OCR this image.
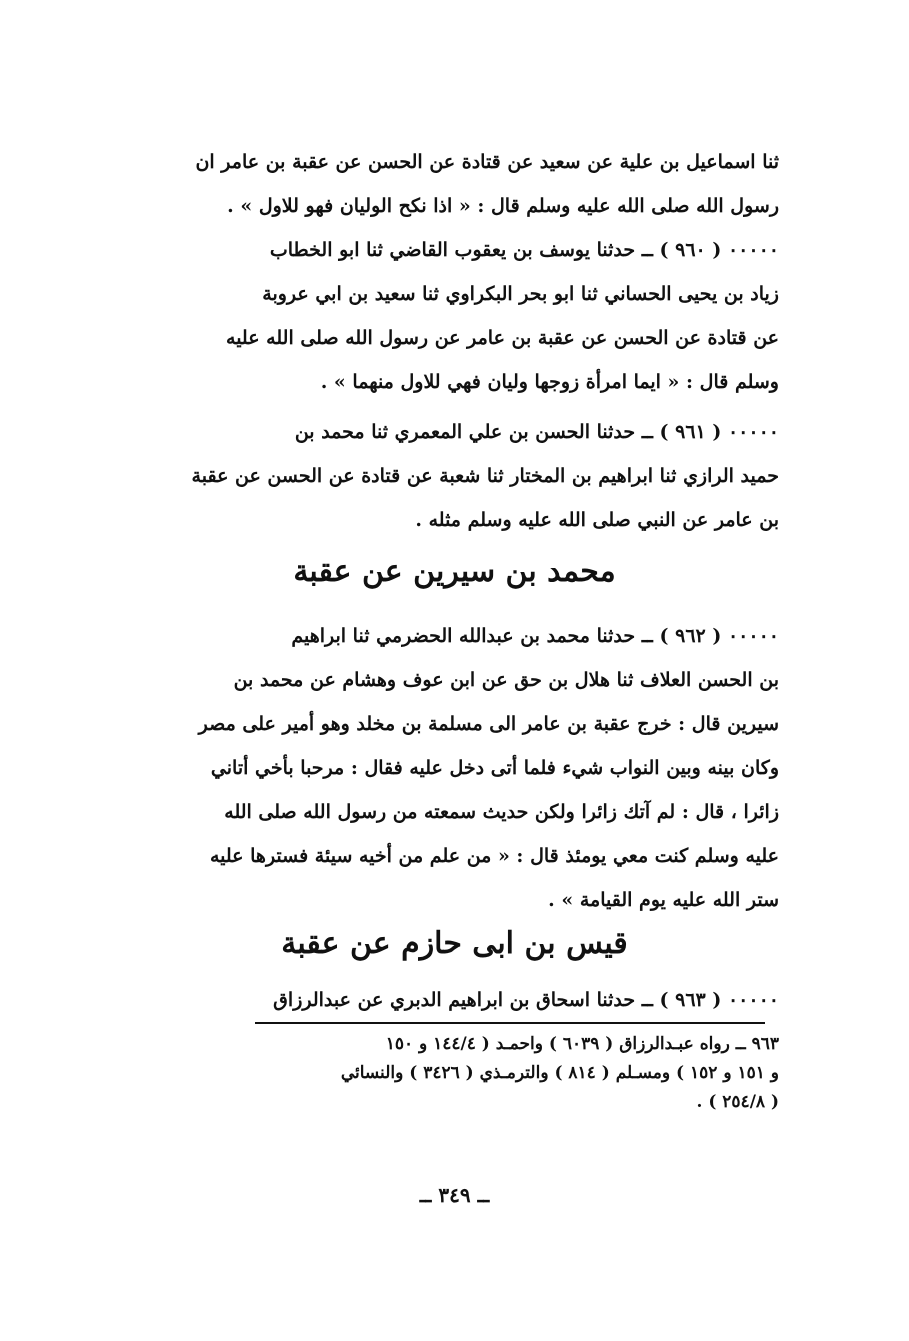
ثنا اسماعيل بن علية عن سعيد عن قتادة عن الحسن عن عقبة بن عامر ان
رسول الله صلى الله عليه وسلم قال : « اذا نكح الوليان فهو للاول » .
٠٠٠٠٠ ( ٩٦٠ ) ــ حدثنا يوسف بن يعقوب القاضي ثنا ابو الخطاب
زياد بن يحيى الحساني ثنا ابو بحر البكراوي ثنا سعيد بن ابي عروبة
عن قتادة عن الحسن عن عقبة بن عامر عن رسول الله صلى الله عليه
وسلم قال : « ايما امرأة زوجها وليان فهي للاول منهما » .
٠٠٠٠٠ ( ٩٦١ ) ــ حدثنا الحسن بن علي المعمري ثنا محمد بن
حميد الرازي ثنا ابراهيم بن المختار ثنا شعبة عن قتادة عن الحسن عن عقبة
بن عامر عن النبي صلى الله عليه وسلم مثله .
محمد بن سيرين عن عقبة
٠٠٠٠٠ ( ٩٦٢ ) ــ حدثنا محمد بن عبدالله الحضرمي ثنا ابراهيم
بن الحسن العلاف ثنا هلال بن حق عن ابن عوف وهشام عن محمد بن
سيرين قال : خرج عقبة بن عامر الى مسلمة بن مخلد وهو أمير على مصر
وكان بينه وبين النواب شيء فلما أتى دخل عليه فقال : مرحبا بأخي أتاني
زائرا ، قال : لم آتك زائرا ولكن حديث سمعته من رسول الله صلى الله
عليه وسلم كنت معي يومئذ قال : « من علم من أخيه سيئة فسترها عليه
ستر الله عليه يوم القيامة » .
قيس بن ابى حازم عن عقبة
٠٠٠٠٠ ( ٩٦٣ ) ــ حدثنا اسحاق بن ابراهيم الدبري عن عبدالرزاق
٩٦٣ ــ رواه عبـدالرزاق ( ٦٠٣٩ ) واحمـد ( ١٤٤/٤ و ١٥٠
و ١٥١ و ١٥٢ ) ومسـلم ( ٨١٤ ) والترمـذي ( ٣٤٢٦ ) والنسائي
( ٢٥٤/٨ ) .
ــ ٣٤٩ ــ
